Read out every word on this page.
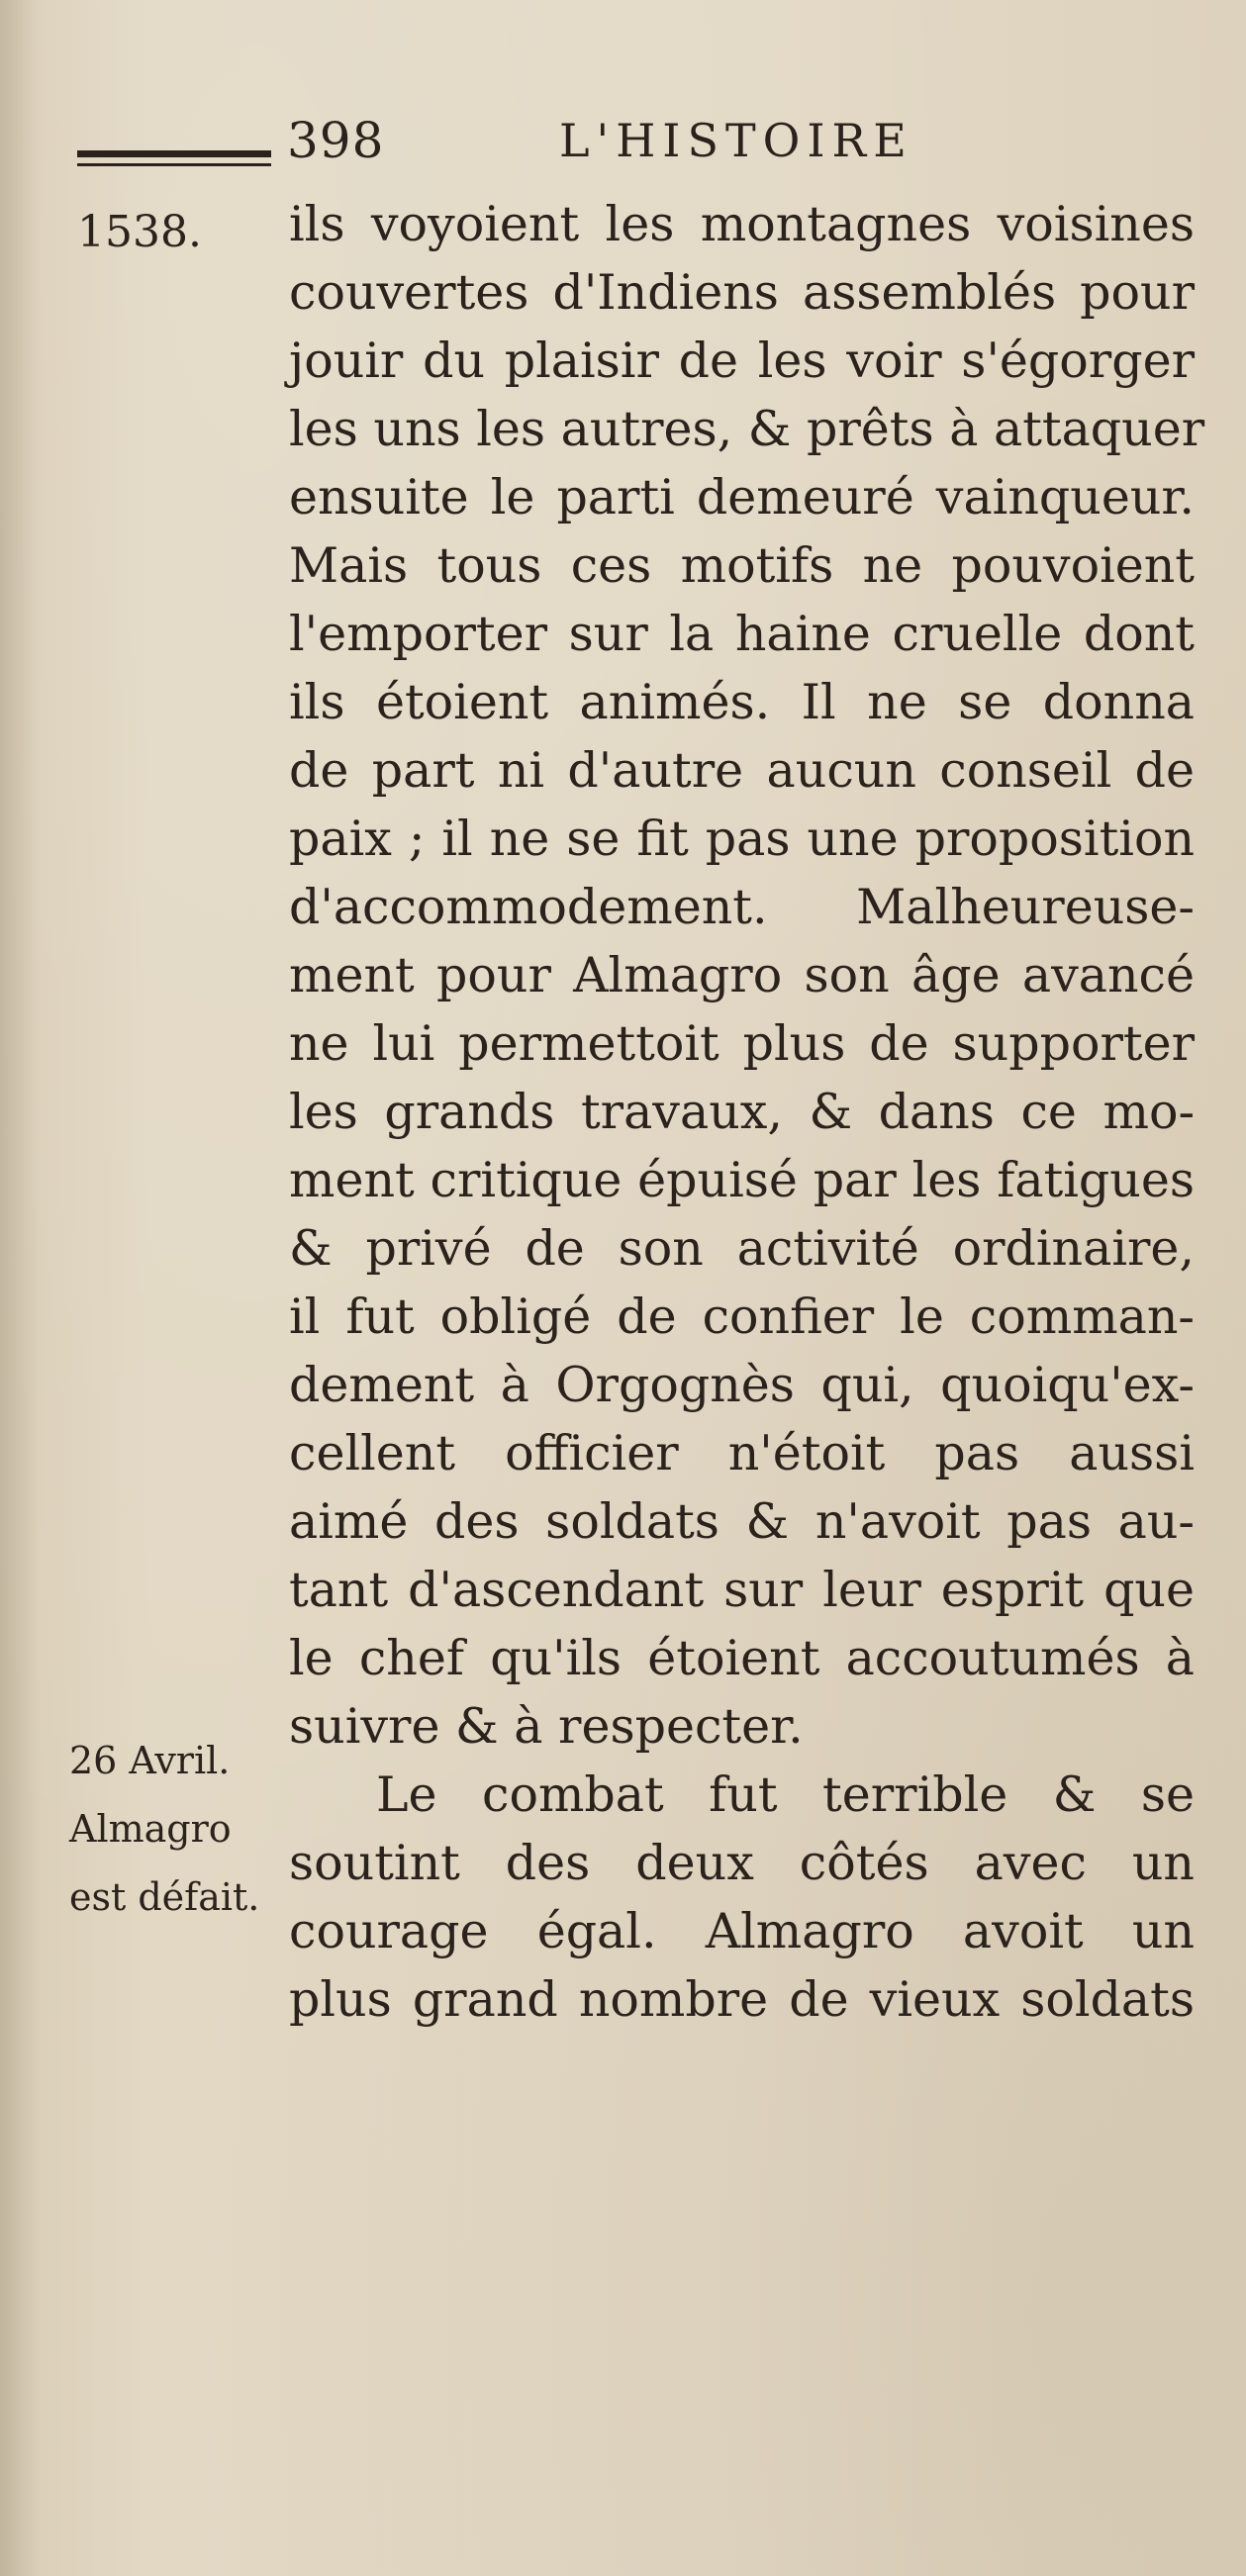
398	L'HISTOIRE
1538. ils voyoient les montagnes voisines
couvertes d'Indiens assemblés pour
jouir du plaisir de les voir s'égorger
les uns les autres, & prêts à attaquer
ensuite le parti demeuré vainqueur.
Mais tous ces motifs ne pouvoient
l'emporter sur la haine cruelle dont
ils étoient animés. Il ne se donna
de part ni d'autre aucun conseil de
paix ; il ne se fit pas une proposition
d'accommodement. Malheureuse-
ment pour Almagro son âge avancé
ne lui permettoit plus de supporter
les grands travaux, & dans ce mo-
ment critique épuisé par les fatigues
& privé de son activité ordinaire,
il fut obligé de confier le comman-
dement à Orgognès qui, quoiqu'ex-
cellent officier n'étoit pas aussi
aimé des soldats & n'avoit pas au-
tant d'ascendant sur leur esprit que
le chef qu'ils étoient accoutumés à
suivre & à respecter.
Le combat fut terrible & se
soutint des deux côtés avec un
courage égal. Almagro avoit un
plus grand nombre de vieux soldats
26 Avril.
Almagro
est défait.
